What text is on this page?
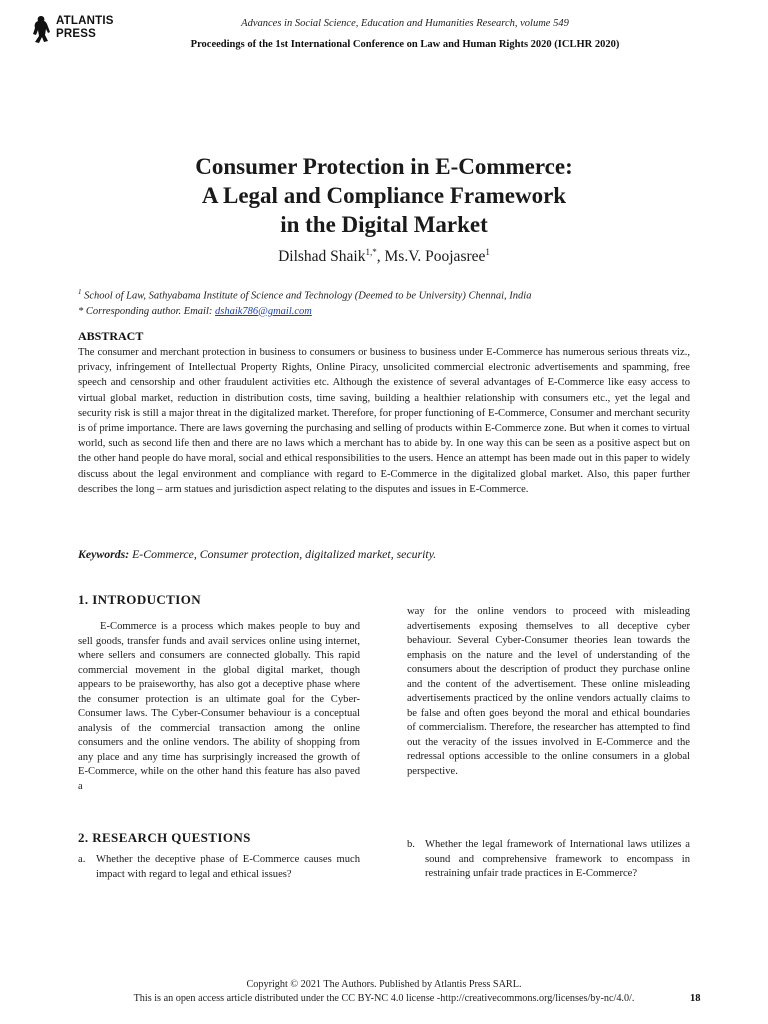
ATLANTIS
PRESS
Advances in Social Science, Education and Humanities Research, volume 549
Proceedings of the 1st International Conference on Law and Human Rights 2020 (ICLHR 2020)
Consumer Protection in E-Commerce:
A Legal and Compliance Framework
in the Digital Market
Dilshad Shaik$^{1,*}$, Ms.V. Poojasree$^1$
$^1$ School of Law, Sathyabama Institute of Science and Technology (Deemed to be University) Chennai, India
* Corresponding author. Email: dshaik786@gmail.com
ABSTRACT
The consumer and merchant protection in business to consumers or business to business under E-Commerce has numerous serious threats viz., privacy, infringement of Intellectual Property Rights, Online Piracy, unsolicited commercial electronic advertisements and spamming, free speech and censorship and other fraudulent activities etc. Although the existence of several advantages of E-Commerce like easy access to virtual global market, reduction in distribution costs, time saving, building a healthier relationship with consumers etc., yet the legal and security risk is still a major threat in the digitalized market. Therefore, for proper functioning of E-Commerce, Consumer and merchant security is of prime importance. There are laws governing the purchasing and selling of products within E-Commerce zone. But when it comes to virtual world, such as second life then and there are no laws which a merchant has to abide by. In one way this can be seen as a positive aspect but on the other hand people do have moral, social and ethical responsibilities to the users. Hence an attempt has been made out in this paper to widely discuss about the legal environment and compliance with regard to E-Commerce in the digitalized global market. Also, this paper further describes the long – arm statues and jurisdiction aspect relating to the disputes and issues in E-Commerce.
Keywords: E-Commerce, Consumer protection, digitalized market, security.
1. INTRODUCTION
E-Commerce is a process which makes people to buy and sell goods, transfer funds and avail services online using internet, where sellers and consumers are connected globally. This rapid commercial movement in the global digital market, though appears to be praiseworthy, has also got a deceptive phase where the consumer protection is an ultimate goal for the Cyber-Consumer laws. The Cyber-Consumer behaviour is a conceptual analysis of the commercial transaction among the online consumers and the online vendors. The ability of shopping from any place and any time has surprisingly increased the growth of E-Commerce, while on the other hand this feature has also paved a
way for the online vendors to proceed with misleading advertisements exposing themselves to all deceptive cyber behaviour. Several Cyber-Consumer theories lean towards the emphasis on the nature and the level of understanding of the consumers about the description of product they purchase online and the content of the advertisement. These online misleading advertisements practiced by the online vendors actually claims to be false and often goes beyond the moral and ethical boundaries of commercialism. Therefore, the researcher has attempted to find out the veracity of the issues involved in E-Commerce and the redressal options accessible to the online consumers in a global perspective.
2. RESEARCH QUESTIONS
a. Whether the deceptive phase of E-Commerce causes much impact with regard to legal and ethical issues?
b. Whether the legal framework of International laws utilizes a sound and comprehensive framework to encompass in restraining unfair trade practices in E-Commerce?
Copyright © 2021 The Authors. Published by Atlantis Press SARL.
This is an open access article distributed under the CC BY-NC 4.0 license -http://creativecommons.org/licenses/by-nc/4.0/.	18
